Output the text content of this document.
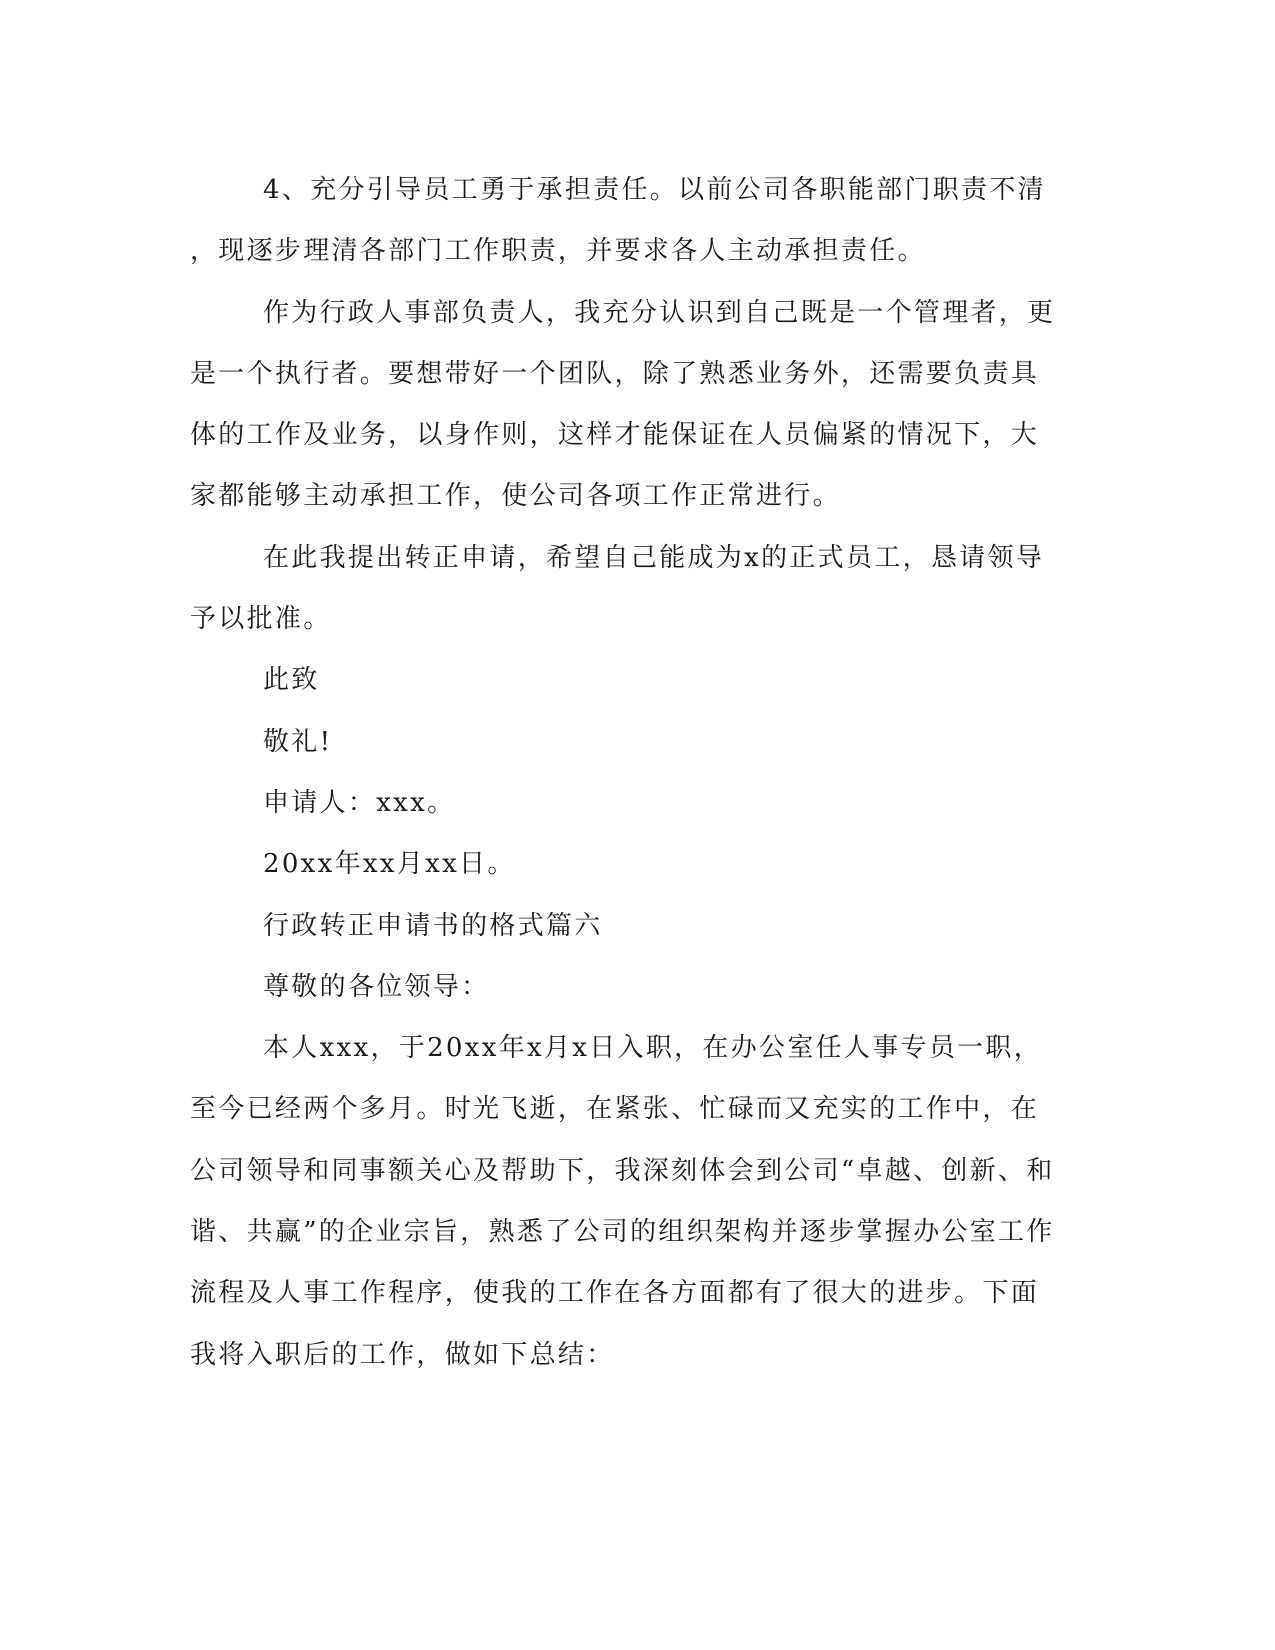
4、充分引导员工勇于承担责任。以前公司各职能部门职责不清
，现逐步理清各部门工作职责，并要求各人主动承担责任。
作为行政人事部负责人，我充分认识到自己既是一个管理者，更
是一个执行者。要想带好一个团队，除了熟悉业务外，还需要负责具
体的工作及业务，以身作则，这样才能保证在人员偏紧的情况下，大
家都能够主动承担工作，使公司各项工作正常进行。
在此我提出转正申请，希望自己能成为x的正式员工，恳请领导
予以批准。
此致
敬礼!
申请人：xxx。
20xx年xx月xx日。
行政转正申请书的格式篇六
尊敬的各位领导：
本人xxx，于20xx年x月x日入职，在办公室任人事专员一职，
至今已经两个多月。时光飞逝，在紧张、忙碌而又充实的工作中，在
公司领导和同事额关心及帮助下，我深刻体会到公司“卓越、创新、和
谐、共赢”的企业宗旨，熟悉了公司的组织架构并逐步掌握办公室工作
流程及人事工作程序，使我的工作在各方面都有了很大的进步。下面
我将入职后的工作，做如下总结：
